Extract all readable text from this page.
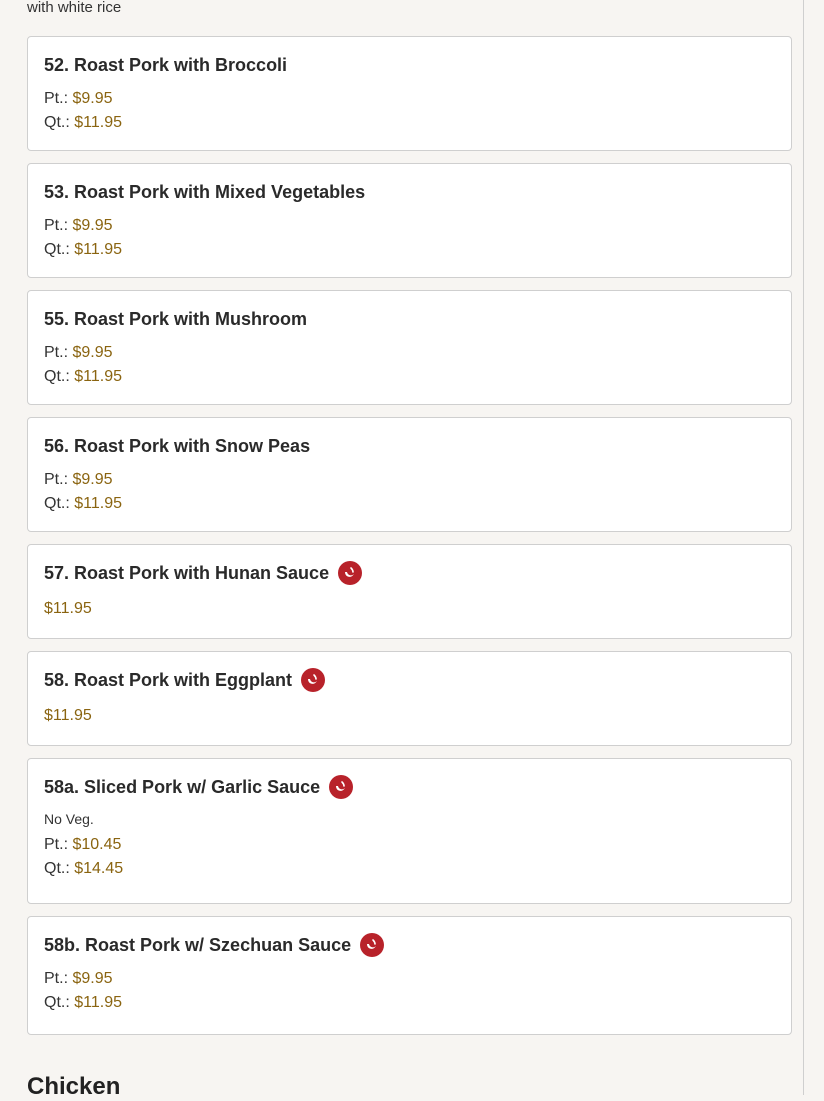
with white rice
52. Roast Pork with Broccoli
Pt.: $9.95
Qt.: $11.95
53. Roast Pork with Mixed Vegetables
Pt.: $9.95
Qt.: $11.95
55. Roast Pork with Mushroom
Pt.: $9.95
Qt.: $11.95
56. Roast Pork with Snow Peas
Pt.: $9.95
Qt.: $11.95
57. Roast Pork with Hunan Sauce
$11.95
58. Roast Pork with Eggplant
$11.95
58a. Sliced Pork w/ Garlic Sauce
No Veg.
Pt.: $10.45
Qt.: $14.45
58b. Roast Pork w/ Szechuan Sauce
Pt.: $9.95
Qt.: $11.95
Chicken
